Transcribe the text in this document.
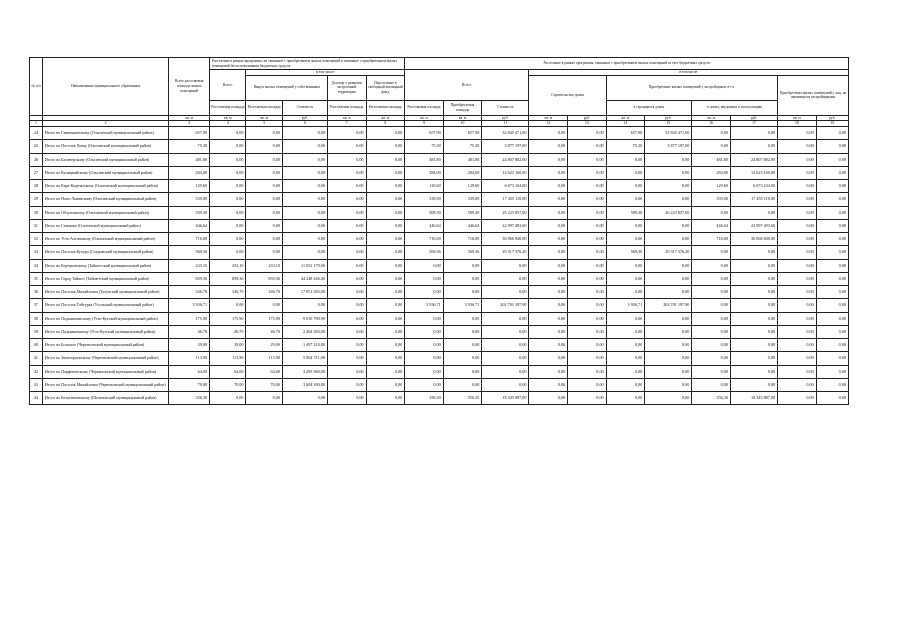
№ п/п	Наименование муниципального образования	Всего расселяемая площадь жилых помещений	Расселение в рамках программы, не связанное с приобретением жилых помещений и связанное с приобретением жилых помещений без использования бюджетных средств					Расселение в рамках программы, связанное с приобретением жилых помещений за счет бюджетных средств										
			Всего:	в том числе:				Всего:			в том числе:							
				Выкуп жилых помещений у собственников		Договор о развитии застроенной территории	Переселение в свободный жилищный фонд				Строительство домов		Приобретение жилых помещений у застройщиков, в т.ч.				Приобретение жилых помещений у лиц, не являющихся застройщиками	
			Расселяемая площадь	Расселяемая площадь	Стоимость	Расселяемая площадь	Расселяемая площадь	Расселяемая площадь	Приобретаемая площадь	Стоимость			в строящихся домах		в домах, введенных в эксплуатацию			
		кв. м	кв. м	кв. м	руб.	кв. м	кв. м	кв. м	кв. м	руб.	кв. м	руб.	кв. м	руб.	кв. м	руб.	кв. м	руб.
1	2	3	4	5	6	7	8	9	10	11	12	13	14	15	16	17	18	19
24	Итого по Ганюшкинскому (Ольгинский муниципальный район)	657,90	0,00	0,00	0,00	0,00	0,00	657,90	657,90	32 845 471,00	0,00	0,00	657,90	32 845 471,00	0,00	0,00	0,00	0,00
25	Итого по Поселок Хунау (Ольгинский муниципальный район)	75,30	0,00	0,00	0,00	0,00	0,00	75,30	75,30	3 877 197,00	0,00	0,00	75,30	3 877 197,00	0,00	0,00	0,00	0,00
26	Итого по Басинерскому (Ольгинский муниципальный район)	481,80	0,00	0,00	0,00	0,00	0,00	481,80	481,80	24 807 882,00	0,00	0,00	0,00	0,00	481,80	24 807 882,00	0,00	0,00
27	Итого по Купицкийскому (Ольгинский муниципальный район)	284,00	0,00	0,00	0,00	0,00	0,00	284,00	284,00	14 623 160,00	0,00	0,00	0,00	0,00	284,00	14 623 160,00	0,00	0,00
28	Итого по Кара-Кыргызскому (Ольгинский муниципальный район)	129,60	0,00	0,00	0,00	0,00	0,00	129,60	129,60	6 673 104,00	0,00	0,00	0,00	0,00	129,60	6 673 104,00	0,00	0,00
29	Итого по Ново-Ланинскому (Ольгинский муниципальный район)	339,00	0,00	0,00	0,00	0,00	0,00	339,00	339,00	17 455 110,00	0,00	0,00	0,00	0,00	339,00	17 455 110,00	0,00	0,00
30	Итого по Облуплиному (Ольгинский муниципальный район)	509,30	0,00	0,00	0,00	0,00	0,00	509,30	509,30	26 223 857,00	0,00	0,00	509,30	26 223 857,00	0,00	0,00	0,00	0,00
31	Итого по Семашко (Ольгинский муниципальный район)	446,64	0,00	0,00	0,00	0,00	0,00	446,64	446,64	22 997 493,60	0,00	0,00	0,00	0,00	446,64	22 997 493,60	0,00	0,00
32	Итого по Усть-Алтанскому (Ольгинский муниципальный район)	716,00	0,00	0,00	0,00	0,00	0,00	716,00	716,00	36 866 840,00	0,00	0,00	0,00	0,00	716,00	36 866 840,00	0,00	0,00
33	Итого по Поселок Кучура (Сгадынский муниципальный район)	569,36	0,00	0,00	0,00	0,00	0,00	569,36	569,36	29 317 376,20	0,00	0,00	569,36	29 317 376,20	0,00	0,00	0,00	0,00
34	Итого по Берецковскому (Тайшетский муниципальный район)	233,10	233,10	233,10	11 032 179,00	0,00	0,00	0,00	0,00	0,00	0,00	0,00	0,00	0,00	0,00	0,00	0,00	0,00
35	Итого по Город Тайшет (Тайшетский муниципальный район)	859,36	859,36	859,36	44 248 446,40	0,00	0,00	0,00	0,00	0,00	0,00	0,00	0,00	0,00	0,00	0,00	0,00	0,00
36	Итого по Поселок Михайловка (Тулунский муниципальный район)	346,70	346,70	346,70	17 851 583,00	0,00	0,00	0,00	0,00	0,00	0,00	0,00	0,00	0,00	0,00	0,00	0,00	0,00
37	Итого по Поселок Тайтурка (Усольский муниципальный район)	3 936,71	0,00	0,00	0,00	0,00	0,00	3 936,71	3 936,71	202 701 197,90	0,00	0,00	3 936,71	202 701 197,90	0,00	0,00	0,00	0,00
38	Итого по Подымахинскому (Усть-Кутский муниципальный район)	175,90	175,90	175,90	9 010 790,90	0,00	0,00	0,00	0,00	0,00	0,00	0,00	0,00	0,00	0,00	0,00	0,00	0,00
39	Итого по Подьяжинскому (Усть-Кутский муниципальный район)	46,70	46,70	46,70	2 404 583,00	0,00	0,00	0,00	0,00	0,00	0,00	0,00	0,00	0,00	0,00	0,00	0,00	0,00
40	Итого по Большое (Черемховский муниципальный район)	29,00	29,00	29,00	1 497 210,00	0,00	0,00	0,00	0,00	0,00	0,00	0,00	0,00	0,00	0,00	0,00	0,00	0,00
41	Итого по Зимогорьевскому (Черемховский муниципальный район)	113,90	113,90	113,90	5 864 711,00	0,00	0,00	0,00	0,00	0,00	0,00	0,00	0,00	0,00	0,00	0,00	0,00	0,00
42	Итого по Парфеновскому (Черемховский муниципальный район)	64,00	64,00	64,00	3 295 360,00	0,00	0,00	0,00	0,00	0,00	0,00	0,00	0,00	0,00	0,00	0,00	0,00	0,00
43	Итого по Поселок Михайловка (Черемховский муниципальный район)	70,00	70,00	70,00	3 604 300,00	0,00	0,00	0,00	0,00	0,00	0,00	0,00	0,00	0,00	0,00	0,00	0,00	0,00
44	Итого по Бельтешинскому (Шелеховский муниципальный район)	356,30	0,00	0,00	0,00	0,00	0,00	356,30	356,30	18 345 887,00	0,00	0,00	0,00	0,00	356,30	18 345 887,00	0,00	0,00
